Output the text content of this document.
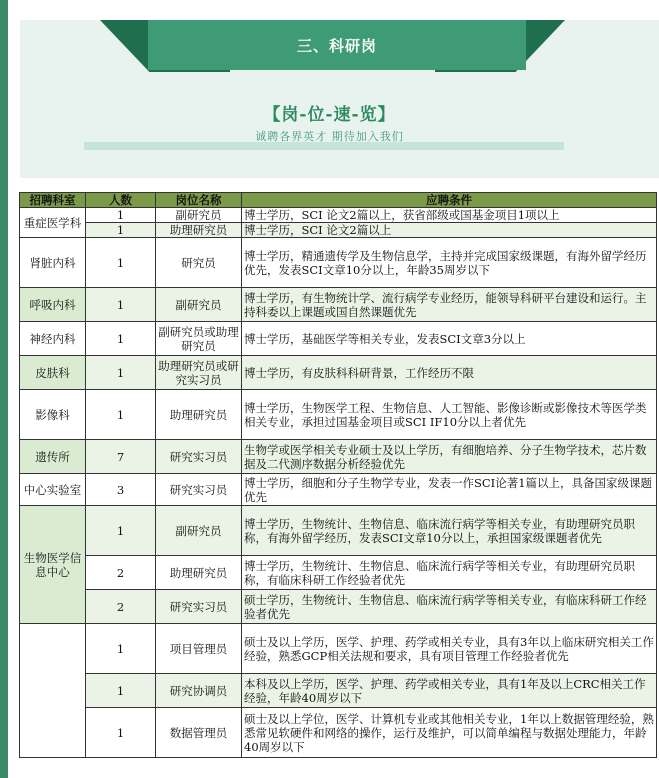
三、科研岗
【岗-位-速-览】
诚聘各界英才 期待加入我们
招聘科室	人数	岗位名称	应聘条件
重症医学科	1	副研究员	博士学历，SCI 论文2篇以上，获省部级或国基金项目1项以上
	1	助理研究员	博士学历，SCI 论文2篇以上
肾脏内科	1	研究员	博士学历，精通遗传学及生物信息学，主持并完成国家级课题，有海外留学经历优先，发表SCI文章10分以上，年龄35周岁以下
呼吸内科	1	副研究员	博士学历，有生物统计学、流行病学专业经历，能领导科研平台建设和运行。主持科委以上课题或国自然课题优先
神经内科	1	副研究员或助理研究员	博士学历，基础医学等相关专业，发表SCI文章3分以上
皮肤科	1	助理研究员或研究实习员	博士学历，有皮肤科科研背景，工作经历不限
影像科	1	助理研究员	博士学历，生物医学工程、生物信息、人工智能、影像诊断或影像技术等医学类相关专业，承担过国基金项目或SCI IF10分以上者优先
遗传所	7	研究实习员	生物学或医学相关专业硕士及以上学历，有细胞培养、分子生物学技术，芯片数据及二代测序数据分析经验优先
中心实验室	3	研究实习员	博士学历，细胞和分子生物学专业，发表一作SCI论著1篇以上，具备国家级课题优先
生物医学信息中心	1	副研究员	博士学历，生物统计、生物信息、临床流行病学等相关专业，有助理研究员职称，有海外留学经历，发表SCI文章10分以上，承担国家级课题者优先
	2	助理研究员	博士学历，生物统计、生物信息、临床流行病学等相关专业，有助理研究员职称，有临床科研工作经验者优先
	2	研究实习员	硕士学历，生物统计、生物信息、临床流行病学等相关专业，有临床科研工作经验者优先
	1	项目管理员	硕士及以上学历，医学、护理、药学或相关专业，具有3年以上临床研究相关工作经验，熟悉GCP相关法规和要求，具有项目管理工作经验者优先
	1	研究协调员	本科及以上学历，医学、护理、药学或相关专业，具有1年及以上CRC相关工作经验，年龄40周岁以下
	1	数据管理员	硕士及以上学位，医学、计算机专业或其他相关专业，1年以上数据管理经验，熟悉常见软硬件和网络的操作，运行及维护，可以简单编程与数据处理能力，年龄40周岁以下
